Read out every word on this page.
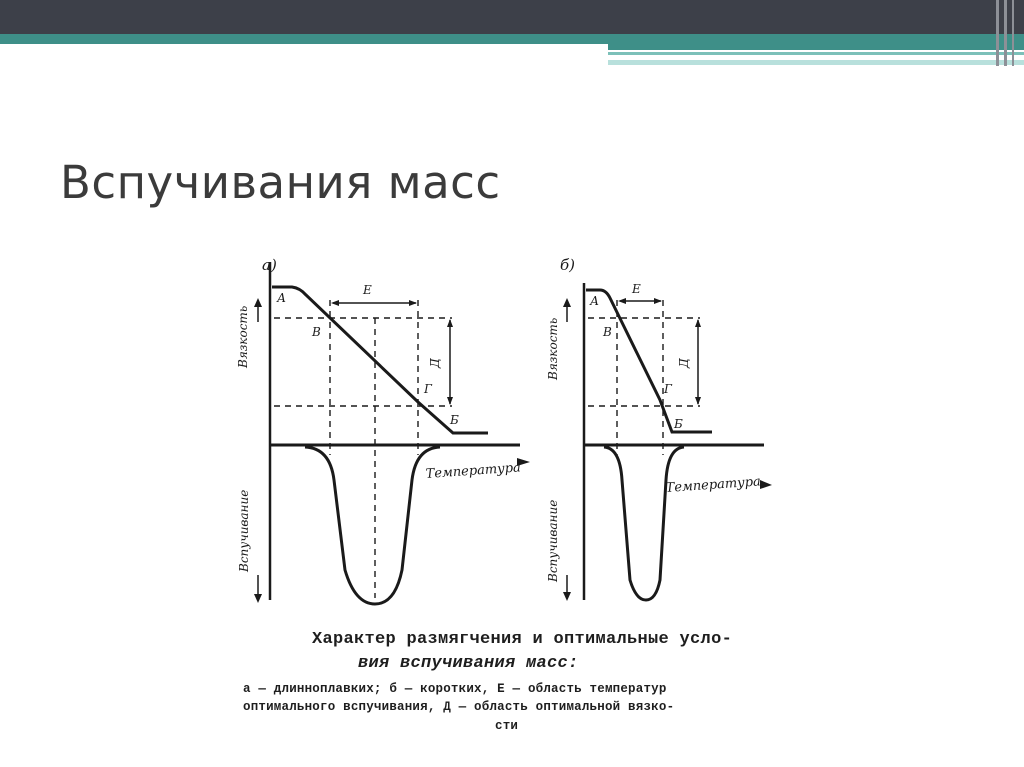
Вспучивания масс
а)
Вязкость
Вспучивание
Температура
А
В
Г
Б
Е
Д
б)
Вязкость
Вспучивание
Температура
А
В
Г
Б
Е
Д

Характер размягчения и оптимальные усло-

вия вспучивания масс:

а — длинноплавких; б — коротких, Е — область температур

оптимального вспучивания, Д — область оптимальной вязко-

сти
